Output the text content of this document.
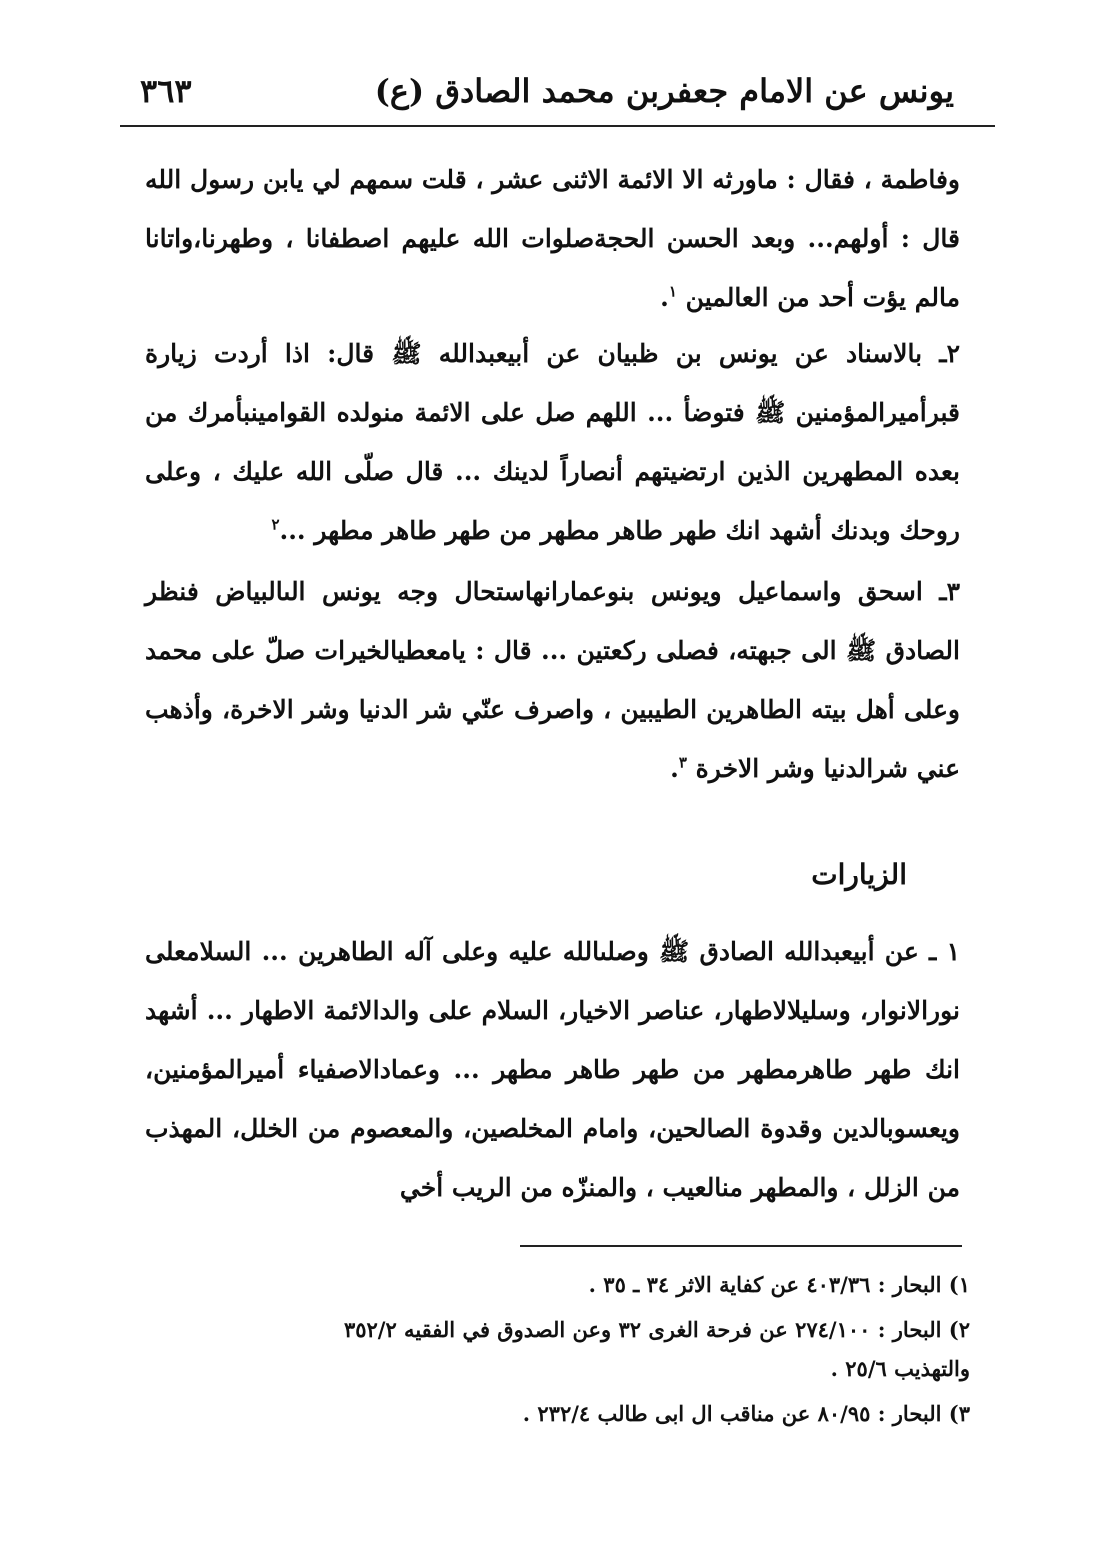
يونس عن الامام جعفربن محمد الصادق (ع)
٣٦٣

وفاطمة ، فقال : ماورثه الا الائمة الاثنى عشر ، قلت سمهم لي يابن رسول الله قال : أولهم... وبعد الحسن الحجةصلوات الله عليهم اصطفانا ، وطهرنا،واتانا مالم يؤت أحد من العالمين $^١$.

٢ـ بالاسناد عن يونس بن ظبيان عن أبيعبدالله ﷺ قال: اذا أردت زيارة قبرأميرالمؤمنين ﷺ فتوضأ ... اللهم صل على الائمة منولده القوامينبأمرك من بعده المطهرين الذين ارتضيتهم أنصاراً لدينك ... قال صلّى الله عليك ، وعلى روحك وبدنك أشهد انك طهر طاهر مطهر من طهر طاهر مطهر ...$^٢$

٣ـ اسحق واسماعيل ويونس بنوعمارانهاستحال وجه يونس الىالبياض فنظر الصادق ﷺ الى جبهته، فصلى ركعتين ... قال : يامعطيالخيرات صلّ على محمد وعلى أهل بيته الطاهرين الطيبين ، واصرف عنّي شر الدنيا وشر الاخرة، وأذهب عني شرالدنيا وشر الاخرة $^٣$.

الزيارات

١ ـ عن أبيعبدالله الصادق ﷺ وصلىالله عليه وعلى آله الطاهرين ... السلامعلى نورالانوار، وسليلالاطهار، عناصر الاخيار، السلام على والدالائمة الاطهار ... أشهد انك طهر طاهرمطهر من طهر طاهر مطهر ... وعمادالاصفياء أميرالمؤمنين، ويعسوبالدين وقدوة الصالحين، وامام المخلصين، والمعصوم من الخلل، المهذب من الزلل ، والمطهر منالعيب ، والمنزّه من الريب أخي

١) البحار : ٤٠٣/٣٦ عن كفاية الاثر ٣٤ ـ ٣٥ .

٢) البحار : ٢٧٤/١٠٠ عن فرحة الغرى ٣٢ وعن الصدوق في الفقيه ٣٥٢/٢

والتهذيب ٢٥/٦ .

٣) البحار : ٨٠/٩٥ عن مناقب ال ابى طالب ٢٣٢/٤ .
